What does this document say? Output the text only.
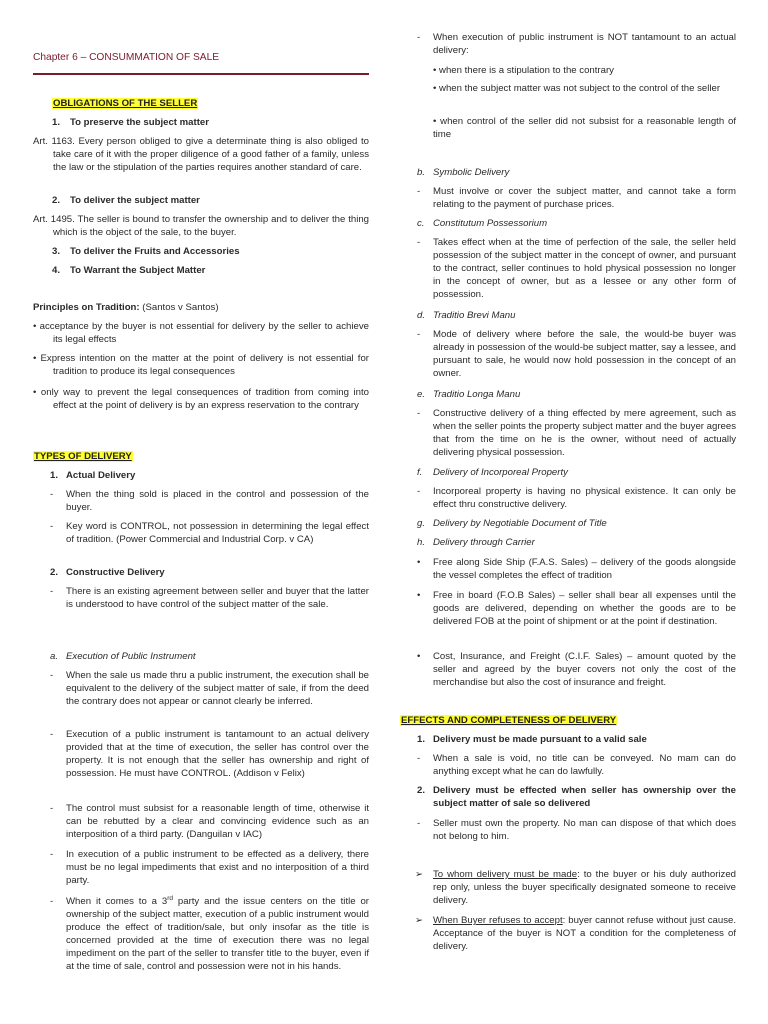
Chapter 6 – CONSUMMATION OF SALE
OBLIGATIONS OF THE SELLER
1. To preserve the subject matter
Art. 1163. Every person obliged to give a determinate thing is also obliged to take care of it with the proper diligence of a good father of a family, unless the law or the stipulation of the parties requires another standard of care.
2. To deliver the subject matter
Art. 1495. The seller is bound to transfer the ownership and to deliver the thing which is the object of the sale, to the buyer.
3. To deliver the Fruits and Accessories
4. To Warrant the Subject Matter
Principles on Tradition: (Santos v Santos)
• acceptance by the buyer is not essential for delivery by the seller to achieve its legal effects
• Express intention on the matter at the point of delivery is not essential for tradition to produce its legal consequences
• only way to prevent the legal consequences of tradition from coming into effect at the point of delivery is by an express reservation to the contrary
TYPES OF DELIVERY
1. Actual Delivery
- When the thing sold is placed in the control and possession of the buyer.
- Key word is CONTROL, not possession in determining the legal effect of tradition. (Power Commercial and Industrial Corp. v CA)
2. Constructive Delivery
- There is an existing agreement between seller and buyer that the latter is understood to have control of the subject matter of the sale.
a. Execution of Public Instrument
- When the sale us made thru a public instrument, the execution shall be equivalent to the delivery of the subject matter of sale, if from the deed the contrary does not appear or cannot clearly be inferred.
- Execution of a public instrument is tantamount to an actual delivery provided that at the time of execution, the seller has control over the property. It is not enough that the seller has ownership and right of possession. He must have CONTROL. (Addison v Felix)
- The control must subsist for a reasonable length of time, otherwise it can be rebutted by a clear and convincing evidence such as an interposition of a third party. (Danguilan v IAC)
- In execution of a public instrument to be effected as a delivery, there must be no legal impediments that exist and no interposition of a third party.
- When it comes to a 3rd party and the issue centers on the title or ownership of the subject matter, execution of a public instrument would produce the effect of tradition/sale, but only insofar as the title is concerned provided at the time of execution there was no legal impediment on the part of the seller to transfer title to the buyer, even if at the time of sale, control and possession were not in his hands.
- When execution of public instrument is NOT tantamount to an actual delivery:
• when there is a stipulation to the contrary
• when the subject matter was not subject to the control of the seller
• when control of the seller did not subsist for a reasonable length of time
b. Symbolic Delivery
- Must involve or cover the subject matter, and cannot take a form relating to the payment of purchase prices.
c. Constitutum Possessorium
- Takes effect when at the time of perfection of the sale, the seller held possession of the subject matter in the concept of owner, and pursuant to the contract, seller continues to hold physical possession no longer in the concept of owner, but as a lessee or any other form of possession.
d. Traditio Brevi Manu
- Mode of delivery where before the sale, the would-be buyer was already in possession of the would-be subject matter, say a lessee, and pursuant to sale, he would now hold possession in the concept of an owner.
e. Traditio Longa Manu
- Constructive delivery of a thing effected by mere agreement, such as when the seller points the property subject matter and the buyer agrees that from the time on he is the owner, without need of actually delivering physical possession.
f. Delivery of Incorporeal Property
- Incorporeal property is having no physical existence. It can only be effect thru constructive delivery.
g. Delivery by Negotiable Document of Title
h. Delivery through Carrier
• Free along Side Ship (F.A.S. Sales) – delivery of the goods alongside the vessel completes the effect of tradition
• Free in board (F.O.B Sales) – seller shall bear all expenses until the goods are delivered, depending on whether the goods are to be delivered FOB at the point of shipment or at the point if destination.
• Cost, Insurance, and Freight (C.I.F. Sales) – amount quoted by the seller and agreed by the buyer covers not only the cost of the merchandise but also the cost of insurance and freight.
EFFECTS AND COMPLETENESS OF DELIVERY
1. Delivery must be made pursuant to a valid sale
- When a sale is void, no title can be conveyed. No mam can do anything except what he can do lawfully.
2. Delivery must be effected when seller has ownership over the subject matter of sale so delivered
- Seller must own the property. No man can dispose of that which does not belong to him.
➢ To whom delivery must be made: to the buyer or his duly authorized rep only, unless the buyer specifically designated someone to receive delivery.
➢ When Buyer refuses to accept: buyer cannot refuse without just cause. Acceptance of the buyer is NOT a condition for the completeness of delivery.
